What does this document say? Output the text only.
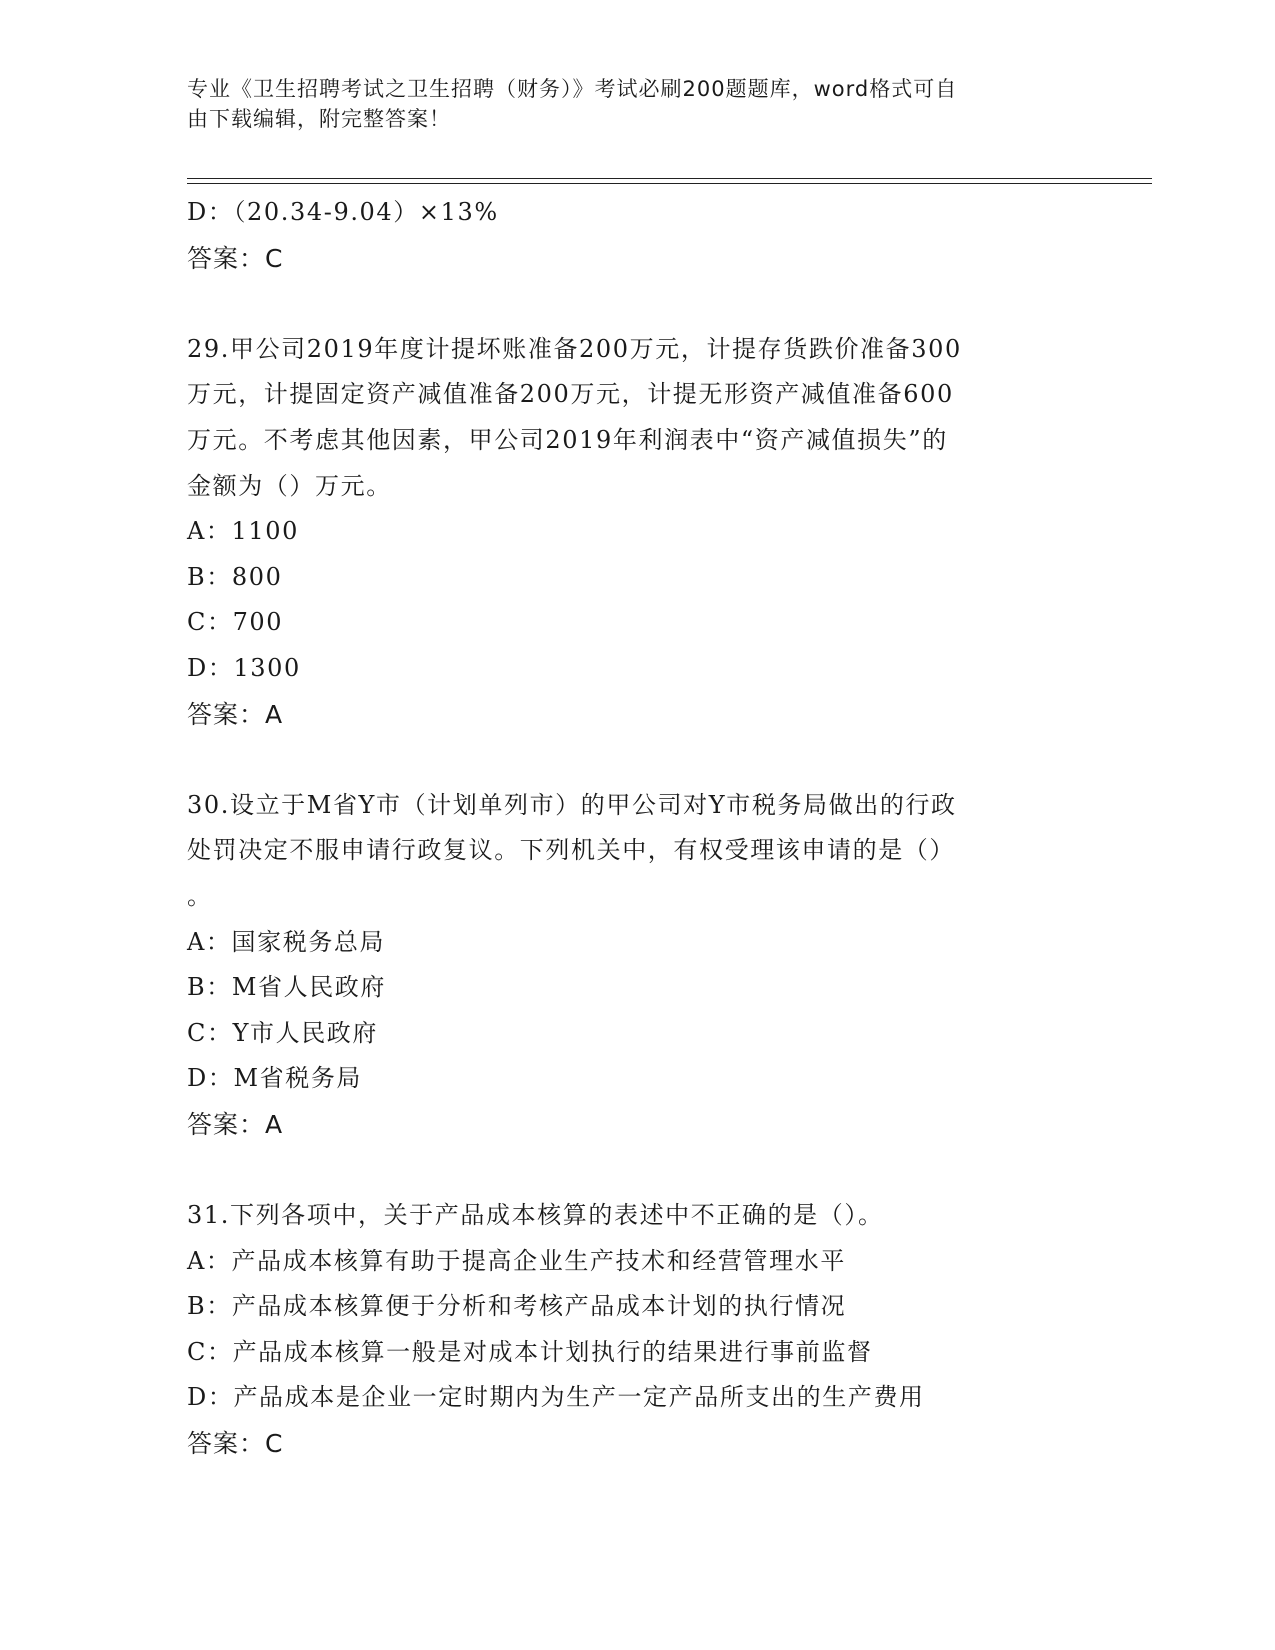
专业《卫生招聘考试之卫生招聘（财务）》考试必刷200题题库，word格式可自
由下载编辑，附完整答案！
D：（20.34-9.04）×13%
答案：C
29.甲公司2019年度计提坏账准备200万元，计提存货跌价准备300
万元，计提固定资产减值准备200万元，计提无形资产减值准备600
万元。不考虑其他因素，甲公司2019年利润表中“资产减值损失”的
金额为（）万元。
A：1100
B：800
C：700
D：1300
答案：A
30.设立于M省Y市（计划单列市）的甲公司对Y市税务局做出的行政
处罚决定不服申请行政复议。下列机关中，有权受理该申请的是（）
。
A：国家税务总局
B：M省人民政府
C：Y市人民政府
D：M省税务局
答案：A
31.下列各项中，关于产品成本核算的表述中不正确的是（）。
A：产品成本核算有助于提高企业生产技术和经营管理水平
B：产品成本核算便于分析和考核产品成本计划的执行情况
C：产品成本核算一般是对成本计划执行的结果进行事前监督
D：产品成本是企业一定时期内为生产一定产品所支出的生产费用
答案：C
